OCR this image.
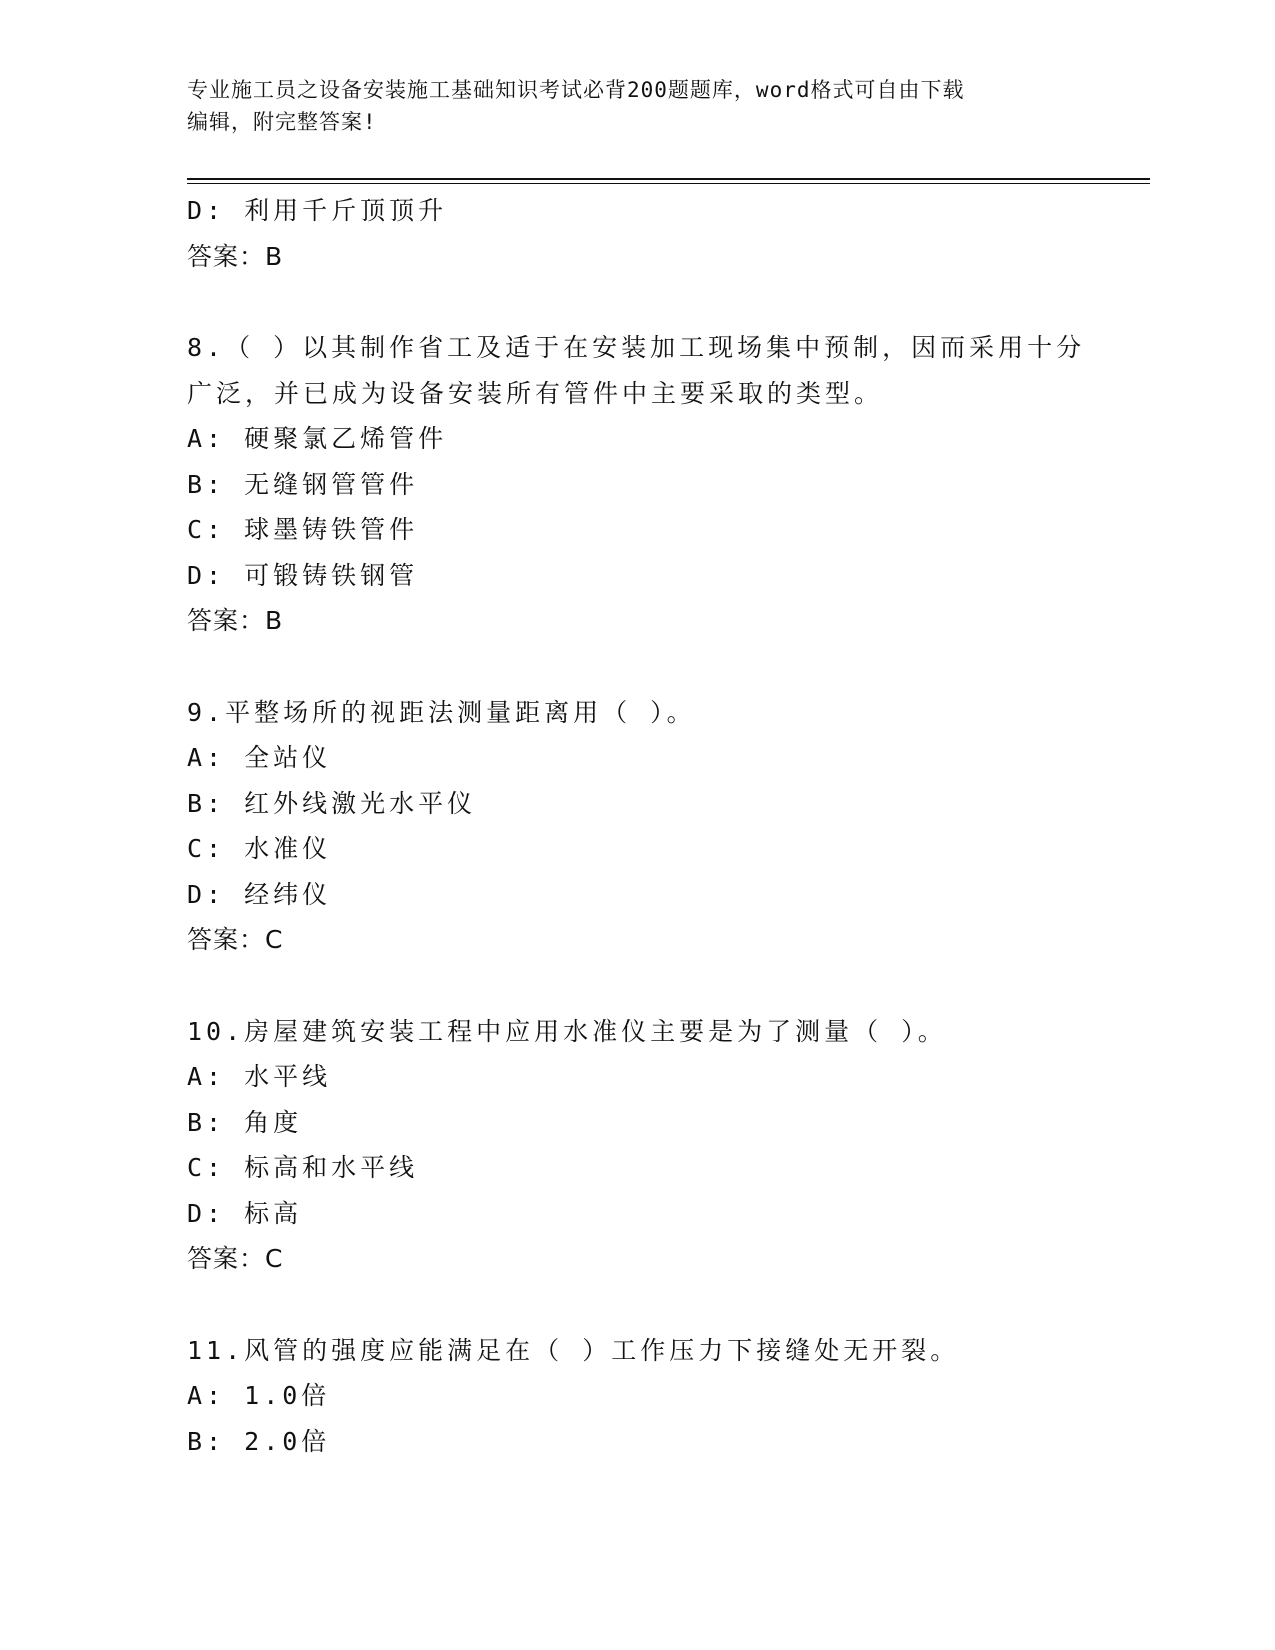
专业施工员之设备安装施工基础知识考试必背200题题库，word格式可自由下载
编辑，附完整答案!
D: 利用千斤顶顶升
答案：B
8.（ ）以其制作省工及适于在安装加工现场集中预制，因而采用十分
广泛，并已成为设备安装所有管件中主要采取的类型。
A: 硬聚氯乙烯管件
B: 无缝钢管管件
C: 球墨铸铁管件
D: 可锻铸铁钢管
答案：B
9.平整场所的视距法测量距离用（ ）。
A: 全站仪
B: 红外线激光水平仪
C: 水准仪
D: 经纬仪
答案：C
10.房屋建筑安装工程中应用水准仪主要是为了测量（ ）。
A: 水平线
B: 角度
C: 标高和水平线
D: 标高
答案：C
11.风管的强度应能满足在（ ）工作压力下接缝处无开裂。
A: 1.0倍
B: 2.0倍
